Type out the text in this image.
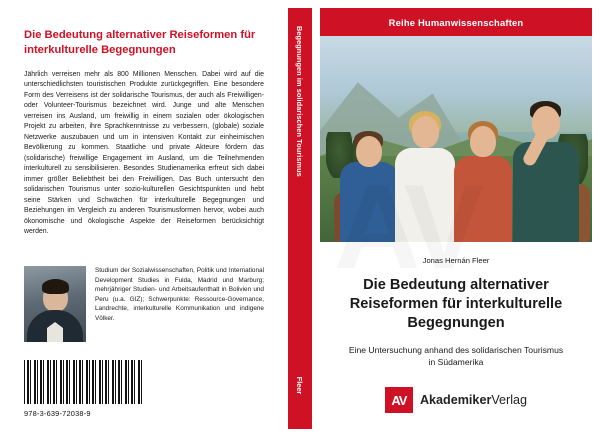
Die Bedeutung alternativer Reiseformen für interkulturelle Begegnungen
Jährlich verreisen mehr als 800 Millionen Menschen. Dabei wird auf die unterschiedlichsten touristischen Produkte zurückgegriffen. Eine besondere Form des Verreisens ist der solidarische Tourismus, der auch als Freiwilligen- oder Volunteer-Tourismus bezeichnet wird. Junge und alte Menschen verreisen ins Ausland, um freiwillig in einem sozialen oder ökologischen Projekt zu arbeiten, ihre Sprachkenntnisse zu verbessern, (globale) soziale Netzwerke auszubauen und um in intensiven Kontakt zur einheimischen Bevölkerung zu kommen. Staatliche und private Akteure fördern das (solidarische) freiwillige Engagement im Ausland, um die Teilnehmenden interkulturell zu sensibilisieren. Besondes Studienamerika erfreut sich dabei immer größer Beliebtheit bei den Freiwilligen. Das Buch untersucht den solidarischen Tourismus unter sozio-kulturellen Gesichtspunkten und hebt seine Stärken und Schwächen für interkulturelle Begegnungen und Beziehungen im Vergleich zu anderen Tourismusformen hervor, wobei auch ökonomische und ökologische Aspekte der Reiseformen berücksichtigt werden.
Studium der Sozialwissenschaften, Politik und International Development Studies in Fulda, Madrid und Marburg; mehrjähriger Studien- und Arbeitsaufenthalt in Bolivien und Peru (u.a. GIZ); Schwerpunkte: Ressource-Governance, Landrechte, interkulturelle Kommunikation und indigene Völker.
978-3-639-72038-9
Begegnungen im solidarischen Tourismus
Fleer
Reihe Humanwissenschaften
Jonas Hernán Fleer
Die Bedeutung alternativer Reiseformen für interkulturelle Begegnungen
Eine Untersuchung anhand des solidarischen Tourismus in Südamerika
AV	AkademikerVerlag
